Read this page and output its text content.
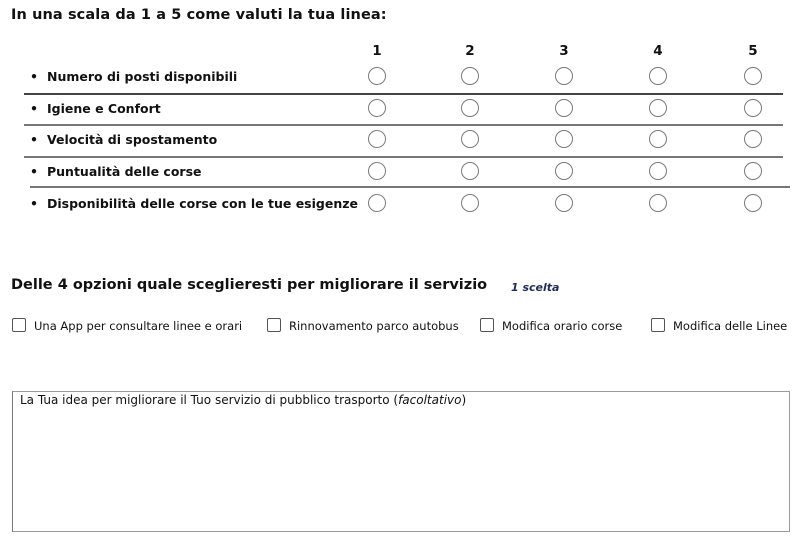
In una scala da 1 a 5 come valuti la tua linea:
1	2	3	4	5
• Numero di posti disponibili
• Igiene e Confort
• Velocità di spostamento
• Puntualità delle corse
• Disponibilità delle corse con le tue esigenze
Delle 4 opzioni quale sceglieresti per migliorare il servizio 1 scelta
Una App per consultare linee e orari	Rinnovamento parco autobus	Modifica orario corse	Modifica delle Linee
La Tua idea per migliorare il Tuo servizio di pubblico trasporto (facoltativo)
